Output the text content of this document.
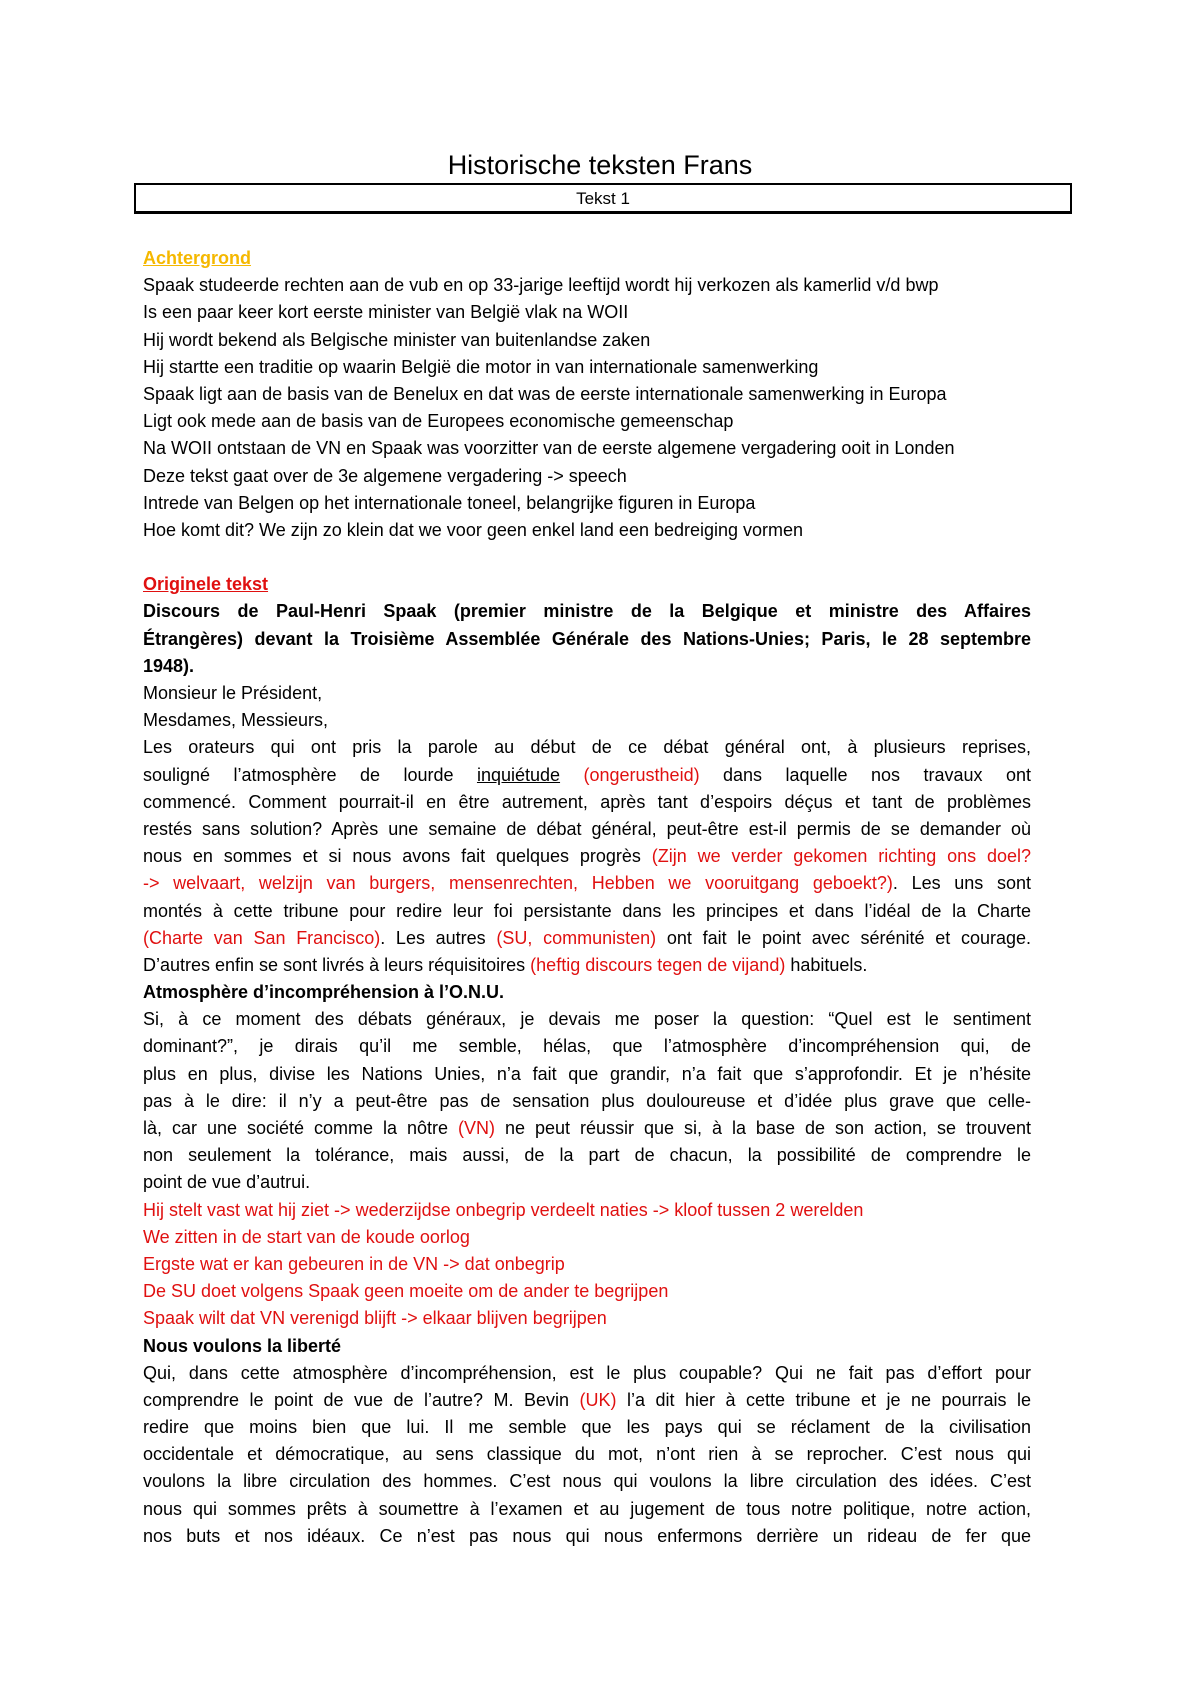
Historische teksten Frans
Tekst 1
Achtergrond
Spaak studeerde rechten aan de vub en op 33-jarige leeftijd wordt hij verkozen als kamerlid v/d bwp
Is een paar keer kort eerste minister van België vlak na WOII
Hij wordt bekend als Belgische minister van buitenlandse zaken
Hij startte een traditie op waarin België die motor in van internationale samenwerking
Spaak ligt aan de basis van de Benelux en dat was de eerste internationale samenwerking in Europa
Ligt ook mede aan de basis van de Europees economische gemeenschap
Na WOII ontstaan de VN en Spaak was voorzitter van de eerste algemene vergadering ooit in Londen
Deze tekst gaat over de 3e algemene vergadering -> speech
Intrede van Belgen op het internationale toneel, belangrijke figuren in Europa
Hoe komt dit? We zijn zo klein dat we voor geen enkel land een bedreiging vormen
Originele tekst
Discours de Paul-Henri Spaak (premier ministre de la Belgique et ministre des Affaires
Étrangères) devant la Troisième Assemblée Générale des Nations-Unies; Paris, le 28 septembre
1948).
Monsieur le Président,
Mesdames, Messieurs,
Les orateurs qui ont pris la parole au début de ce débat général ont, à plusieurs reprises,
souligné l’atmosphère de lourde inquiétude (ongerustheid) dans laquelle nos travaux ont
commencé. Comment pourrait-il en être autrement, après tant d’espoirs déçus et tant de problèmes
restés sans solution? Après une semaine de débat général, peut-être est-il permis de se demander où
nous en sommes et si nous avons fait quelques progrès (Zijn we verder gekomen richting ons doel?
-> welvaart, welzijn van burgers, mensenrechten, Hebben we vooruitgang geboekt?). Les uns sont
montés à cette tribune pour redire leur foi persistante dans les principes et dans l’idéal de la Charte
(Charte van San Francisco). Les autres (SU, communisten) ont fait le point avec sérénité et courage.
D’autres enfin se sont livrés à leurs réquisitoires (heftig discours tegen de vijand) habituels.
Atmosphère d’incompréhension à l’O.N.U.
Si, à ce moment des débats généraux, je devais me poser la question: “Quel est le sentiment
dominant?”, je dirais qu’il me semble, hélas, que l’atmosphère d’incompréhension qui, de
plus en plus, divise les Nations Unies, n’a fait que grandir, n’a fait que s’approfondir. Et je n’hésite
pas à le dire: il n’y a peut-être pas de sensation plus douloureuse et d’idée plus grave que celle-
là, car une société comme la nôtre (VN) ne peut réussir que si, à la base de son action, se trouvent
non seulement la tolérance, mais aussi, de la part de chacun, la possibilité de comprendre le
point de vue d’autrui.
Hij stelt vast wat hij ziet -> wederzijdse onbegrip verdeelt naties -> kloof tussen 2 werelden
We zitten in de start van de koude oorlog
Ergste wat er kan gebeuren in de VN -> dat onbegrip
De SU doet volgens Spaak geen moeite om de ander te begrijpen
Spaak wilt dat VN verenigd blijft -> elkaar blijven begrijpen
Nous voulons la liberté
Qui, dans cette atmosphère d’incompréhension, est le plus coupable? Qui ne fait pas d’effort pour
comprendre le point de vue de l’autre? M. Bevin (UK) l’a dit hier à cette tribune et je ne pourrais le
redire que moins bien que lui. Il me semble que les pays qui se réclament de la civilisation
occidentale et démocratique, au sens classique du mot, n’ont rien à se reprocher. C’est nous qui
voulons la libre circulation des hommes. C’est nous qui voulons la libre circulation des idées. C’est
nous qui sommes prêts à soumettre à l’examen et au jugement de tous notre politique, notre action,
nos buts et nos idéaux. Ce n’est pas nous qui nous enfermons derrière un rideau de fer que
